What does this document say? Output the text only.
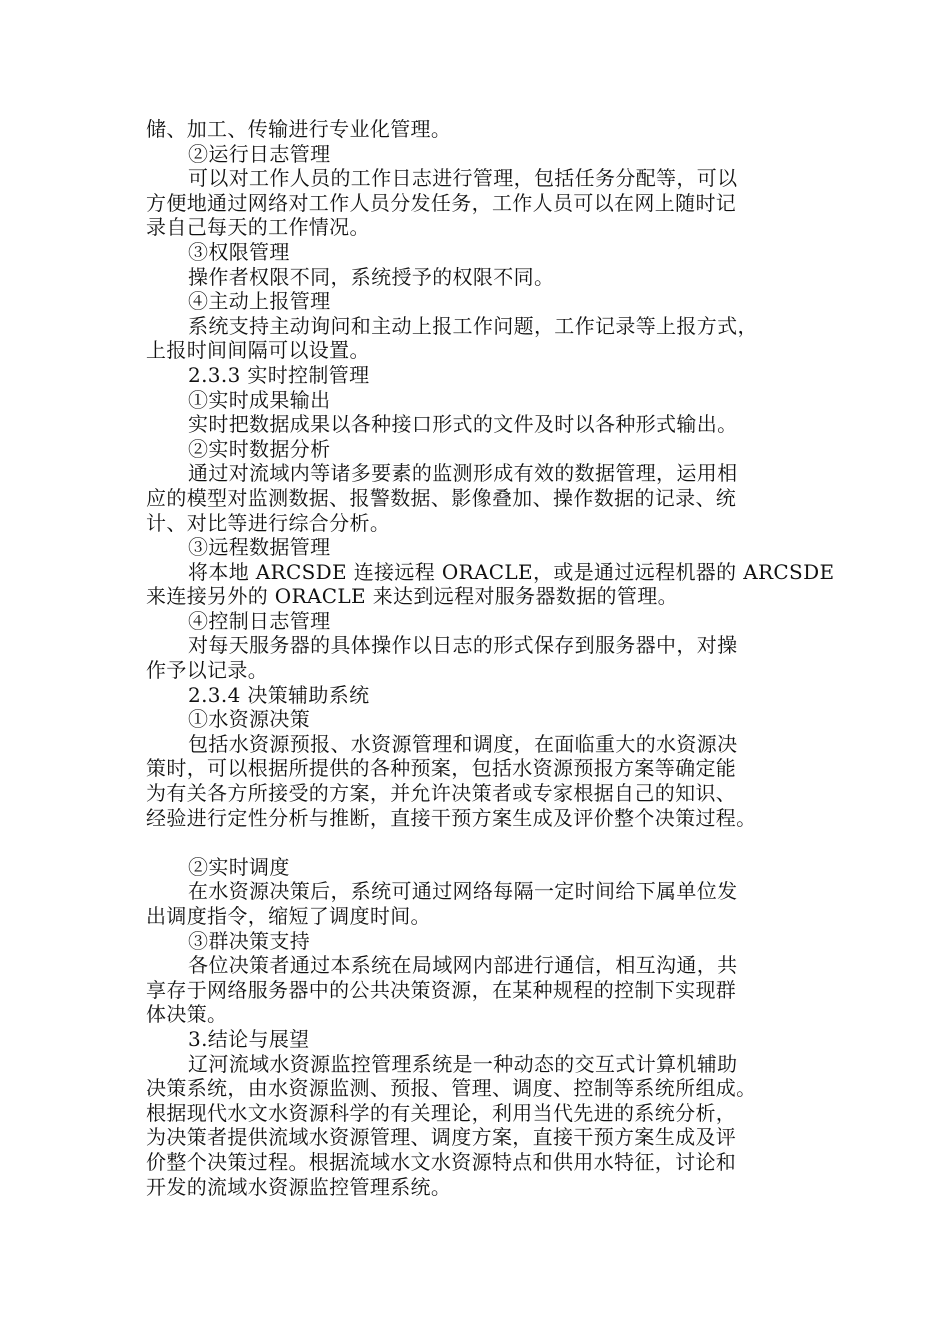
储、加工、传输进行专业化管理。
②运行日志管理
可以对工作人员的工作日志进行管理，包括任务分配等，可以
方便地通过网络对工作人员分发任务，工作人员可以在网上随时记
录自己每天的工作情况。
③权限管理
操作者权限不同，系统授予的权限不同。
④主动上报管理
系统支持主动询问和主动上报工作问题，工作记录等上报方式，
上报时间间隔可以设置。
2.3.3 实时控制管理
①实时成果输出
实时把数据成果以各种接口形式的文件及时以各种形式输出。
②实时数据分析
通过对流域内等诸多要素的监测形成有效的数据管理，运用相
应的模型对监测数据、报警数据、影像叠加、操作数据的记录、统
计、对比等进行综合分析。
③远程数据管理
将本地 ARCSDE 连接远程 ORACLE，或是通过远程机器的 ARCSDE
来连接另外的 ORACLE 来达到远程对服务器数据的管理。
④控制日志管理
对每天服务器的具体操作以日志的形式保存到服务器中，对操
作予以记录。
2.3.4 决策辅助系统
①水资源决策
包括水资源预报、水资源管理和调度，在面临重大的水资源决
策时，可以根据所提供的各种预案，包括水资源预报方案等确定能
为有关各方所接受的方案，并允许决策者或专家根据自己的知识、
经验进行定性分析与推断，直接干预方案生成及评价整个决策过程。
②实时调度
在水资源决策后，系统可通过网络每隔一定时间给下属单位发
出调度指令，缩短了调度时间。
③群决策支持
各位决策者通过本系统在局域网内部进行通信，相互沟通，共
享存于网络服务器中的公共决策资源，在某种规程的控制下实现群
体决策。
3.结论与展望
辽河流域水资源监控管理系统是一种动态的交互式计算机辅助
决策系统，由水资源监测、预报、管理、调度、控制等系统所组成。
根据现代水文水资源科学的有关理论，利用当代先进的系统分析，
为决策者提供流域水资源管理、调度方案，直接干预方案生成及评
价整个决策过程。根据流域水文水资源特点和供用水特征，讨论和
开发的流域水资源监控管理系统。
